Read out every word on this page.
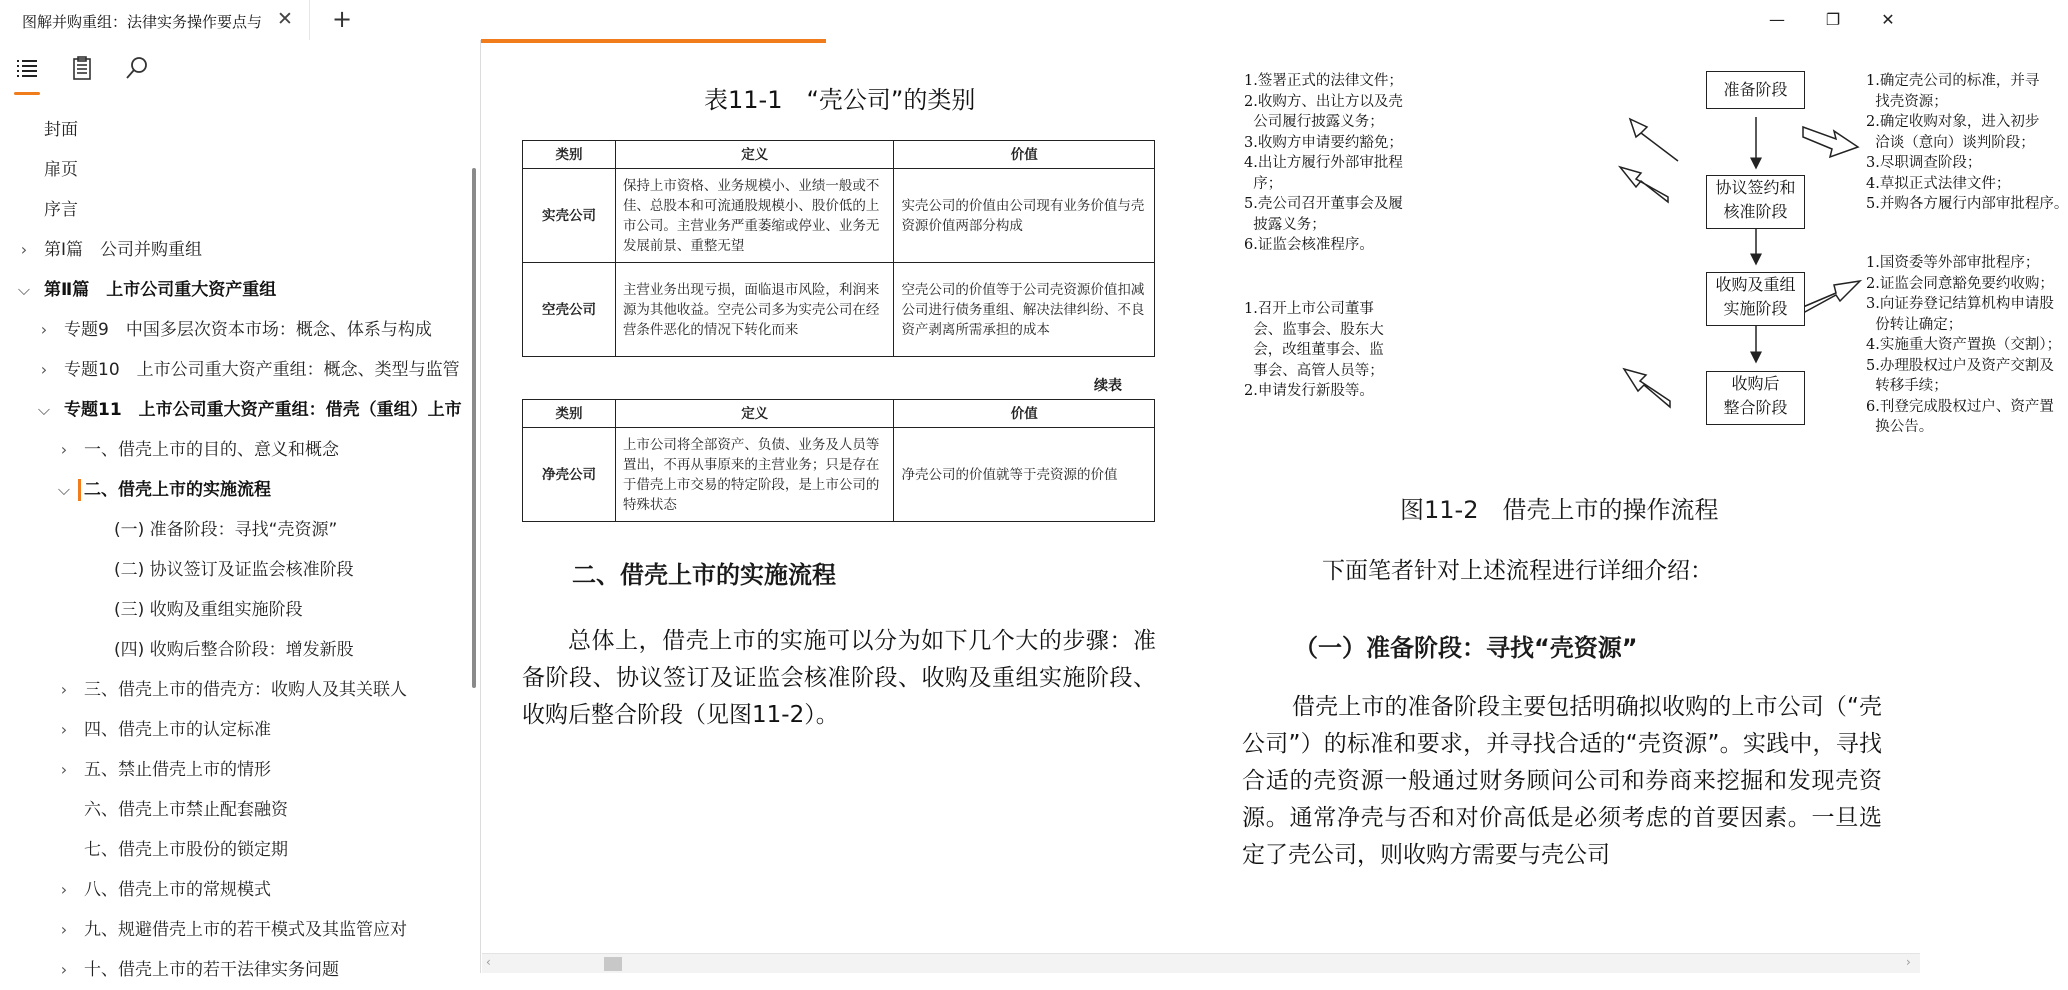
图解并购重组：法律实务操作要点与 ✕ +	—	❐	✕
封面
扉页
序言
› 第Ⅰ篇　公司并购重组
⌵ 第Ⅱ篇　上市公司重大资产重组
› 专题9　中国多层次资本市场：概念、体系与构成
› 专题10　上市公司重大资产重组：概念、类型与监管
⌵ 专题11　上市公司重大资产重组：借壳（重组）上市
› 一、借壳上市的目的、意义和概念
⌵ 二、借壳上市的实施流程
(一) 准备阶段：寻找“壳资源”
(二) 协议签订及证监会核准阶段
(三) 收购及重组实施阶段
(四) 收购后整合阶段：增发新股
› 三、借壳上市的借壳方：收购人及其关联人
› 四、借壳上市的认定标准
› 五、禁止借壳上市的情形
六、借壳上市禁止配套融资
七、借壳上市股份的锁定期
› 八、借壳上市的常规模式
› 九、规避借壳上市的若干模式及其监管应对
› 十、借壳上市的若干法律实务问题
表11-1　“壳公司”的类别
类别	定义	价值
实壳公司	保持上市资格、业务规模小、业绩一般或不佳、总股本和可流通股规模小、股价低的上市公司。主营业务严重萎缩或停业、业务无发展前景、重整无望	实壳公司的价值由公司现有业务价值与壳资源价值两部分构成
空壳公司	主营业务出现亏损，面临退市风险，利润来源为其他收益。空壳公司多为实壳公司在经营条件恶化的情况下转化而来	空壳公司的价值等于公司壳资源价值扣减公司进行债务重组、解决法律纠纷、不良资产剥离所需承担的成本
续表
类别	定义	价值
净壳公司	上市公司将全部资产、负债、业务及人员等置出，不再从事原来的主营业务；只是存在于借壳上市交易的特定阶段，是上市公司的特殊状态	净壳公司的价值就等于壳资源的价值
二、借壳上市的实施流程
总体上，借壳上市的实施可以分为如下几个大的步骤：准备阶段、协议签订及证监会核准阶段、收购及重组实施阶段、收购后整合阶段（见图11-2）。
准备阶段
协议签约和
核准阶段
收购及重组
实施阶段
收购后
整合阶段
1.签署正式的法律文件；
2.收购方、出让方以及壳
公司履行披露义务；
3.收购方申请要约豁免；
4.出让方履行外部审批程
序；
5.壳公司召开董事会及履
披露义务；
6.证监会核准程序。
1.召开上市公司董事
会、监事会、股东大
会，改组董事会、监
事会、高管人员等；
2.申请发行新股等。
1.确定壳公司的标准，并寻
找壳资源；
2.确定收购对象，进入初步
洽谈（意向）谈判阶段；
3.尽职调查阶段；
4.草拟正式法律文件；
5.并购各方履行内部审批程序。
1.国资委等外部审批程序；
2.证监会同意豁免要约收购；
3.向证券登记结算机构申请股
份转让确定；
4.实施重大资产置换（交割）；
5.办理股权过户及资产交割及
转移手续；
6.刊登完成股权过户、资产置
换公告。
图11-2　借壳上市的操作流程
下面笔者针对上述流程进行详细介绍：
（一）准备阶段：寻找“壳资源”
借壳上市的准备阶段主要包括明确拟收购的上市公司（“壳公司”）的标准和要求，并寻找合适的“壳资源”。实践中，寻找合适的壳资源一般通过财务顾问公司和券商来挖掘和发现壳资源。通常净壳与否和对价高低是必须考虑的首要因素。一旦选定了壳公司，则收购方需要与壳公司
‹	›
